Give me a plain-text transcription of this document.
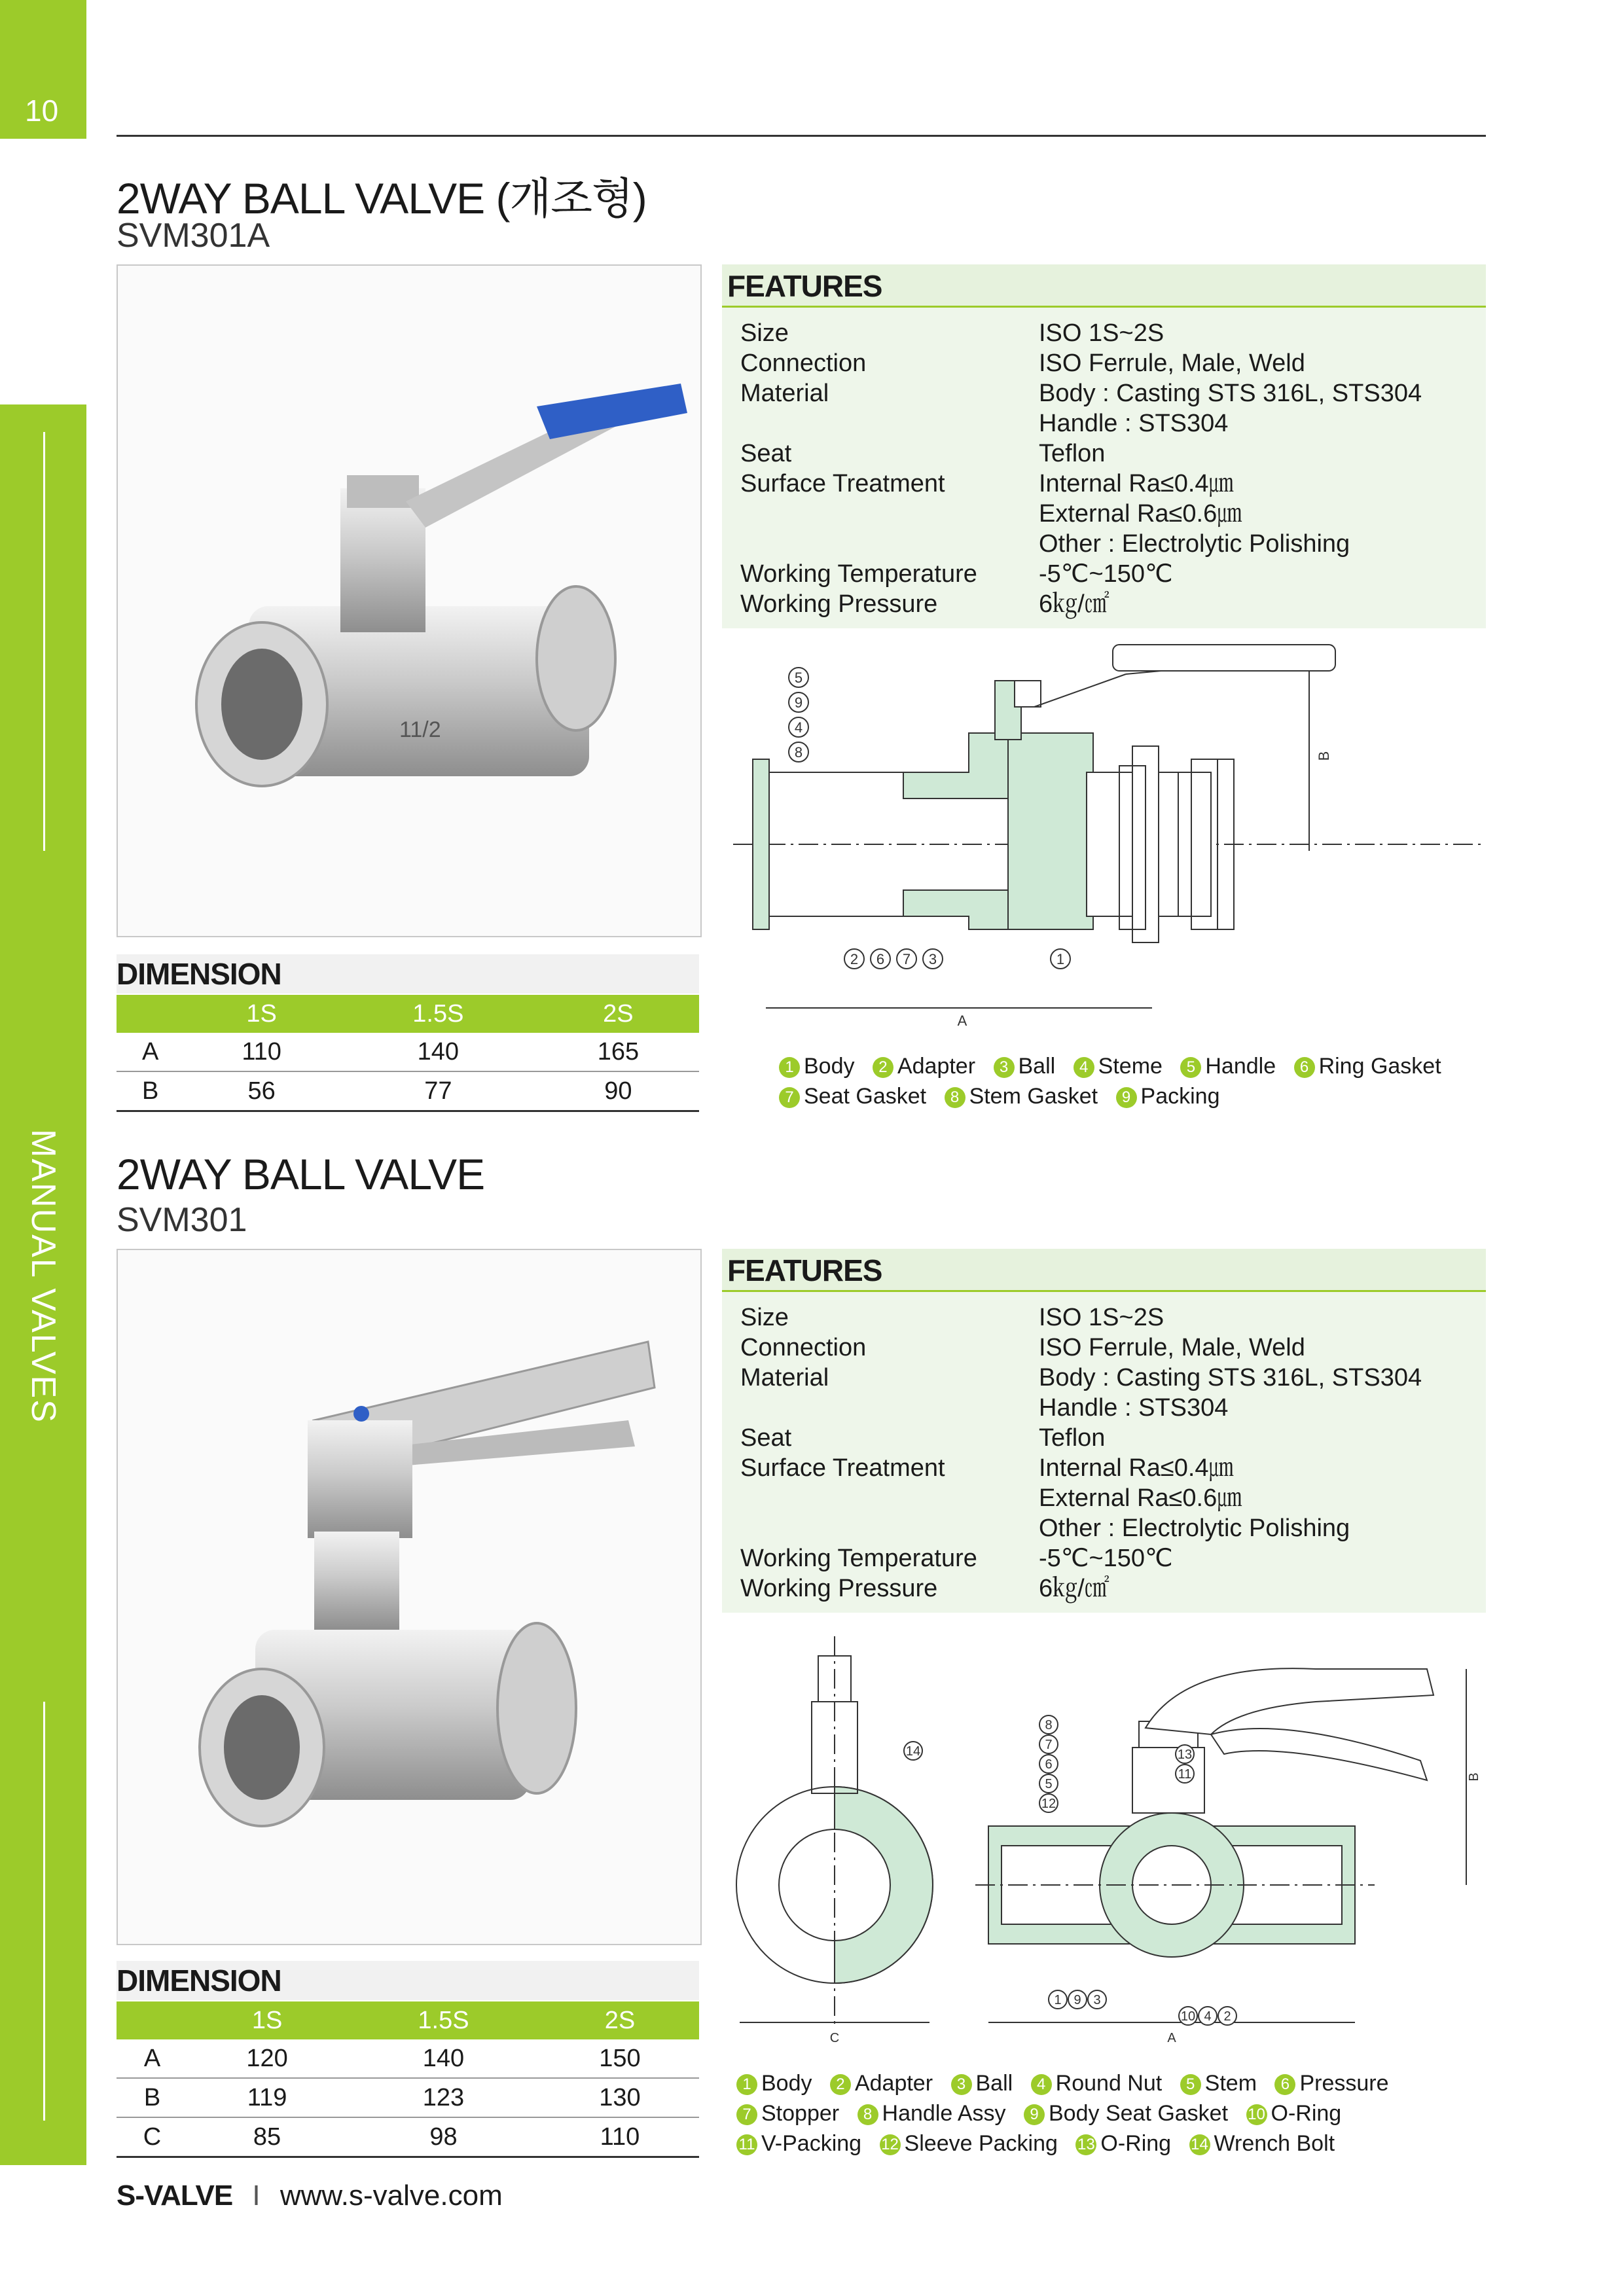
10
MANUAL VALVES
2WAY BALL VALVE (개조형)
SVM301A
11/2
FEATURES
Size	ISO 1S~2S
Connection	ISO Ferrule, Male, Weld
Material	Body : Casting STS 316L, STS304
Handle : STS304
Seat	Teflon
Surface Treatment	Internal Ra≤0.4㎛
External Ra≤0.6㎛
Other : Electrolytic Polishing
Working Temperature	-5℃~150℃
Working Pressure	6㎏/㎠
5
9
4
8
2 6 7 3	1
A
B
DIMENSION
	1S	1.5S	2S
A	110	140	165
B	56	77	90
1 Body 2 Adapter 3 Ball 4 Steme 5 Handle 6 Ring Gasket 7 Seat Gasket 8 Stem Gasket 9 Packing
2WAY BALL VALVE
SVM301
FEATURES
Size	ISO 1S~2S
Connection	ISO Ferrule, Male, Weld
Material	Body : Casting STS 316L, STS304
Handle : STS304
Seat	Teflon
Surface Treatment	Internal Ra≤0.4㎛
External Ra≤0.6㎛
Other : Electrolytic Polishing
Working Temperature	-5℃~150℃
Working Pressure	6㎏/㎠
14
8
7
6
5
12
13
11
1 9 3
10 4 2
C	A
B
DIMENSION
	1S	1.5S	2S
A	120	140	150
B	119	123	130
C	85	98	110
1 Body 2 Adapter 3 Ball 4 Round Nut 5 Stem 6 Pressure 7 Stopper 8 Handle Assy 9 Body Seat Gasket 10 O-Ring 11 V-Packing 12 Sleeve Packing 13 O-Ring 14 Wrench Bolt
S-VALVE I www.s-valve.com
